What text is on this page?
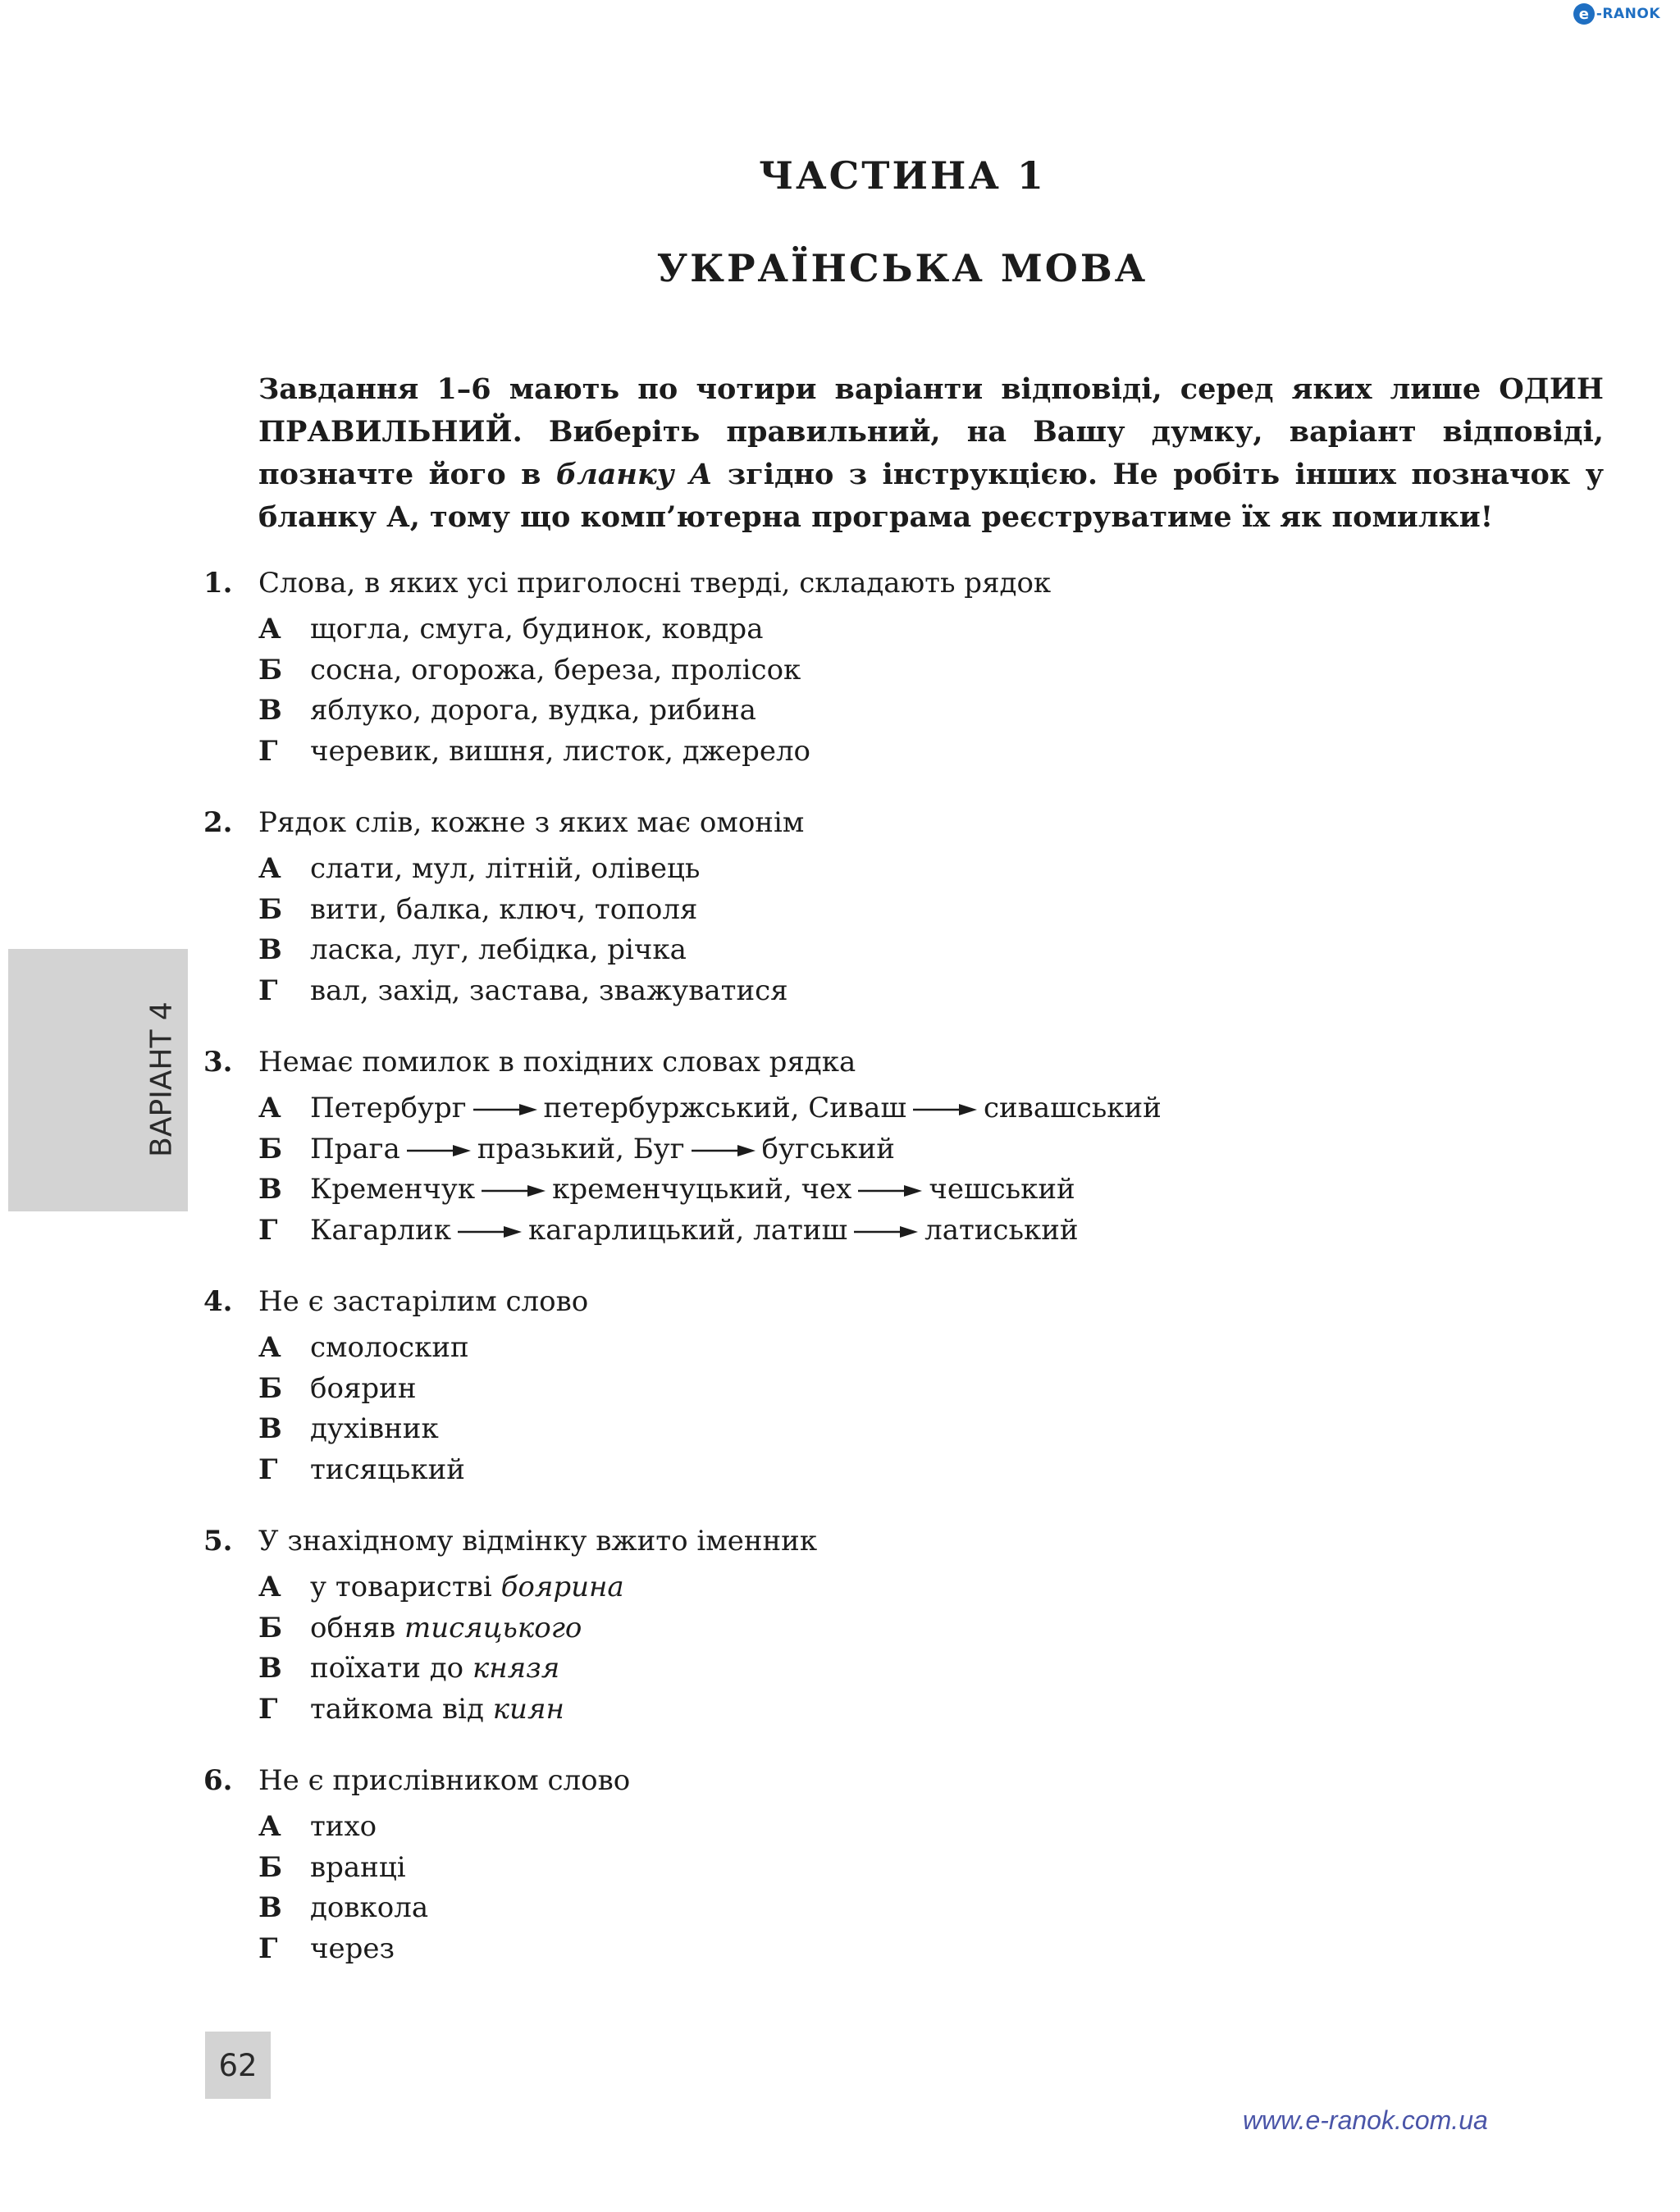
e -RANOK
ЧАСТИНА 1
УКРАЇНСЬКА МОВА

Завдання 1–6 мають по чотири варіанти відповіді, серед яких лише ОДИН ПРАВИЛЬНИЙ. Виберіть правильний, на Вашу думку, варіант відповіді, позначте його в бланку А згідно з інструкцією. Не робіть інших позначок у бланку А, тому що комп’ютерна програма реєструватиме їх як помилки!

1. Слова, в яких усі приголосні тверді, складають рядок
А	щогла, смуга, будинок, ковдра
Б сосна, огорожа, береза, пролісок
В	яблуко, дорога, вудка, рибина
Г	черевик, вишня, листок, джерело
2. Рядок слів, кожне з яких має омонім
А	слати, мул, літній, олівець
Б вити, балка, ключ, тополя
В	ласка, луг, лебідка, річка
Г	вал, захід, застава, зважуватися
3. Немає помилок в похідних словах рядка
А	Петербург	петербуржський, Сиваш	сивашський
Б Прага	празький, Буг	бугський
В	Кременчук	кременчуцький, чех	чешський
Г	Кагарлик	кагарлицький, латиш	латиський
4. Не є застарілим слово
А	смолоскип
Б боярин
В	духівник
Г	тисяцький
5. У знахідному відмінку вжито іменник
А	у товаристві боярина
Б обняв тисяцького
В	поїхати до князя
Г	тайкома від киян
6. Не є прислівником слово
А	тихо
Б вранці
В	довкола
Г	через
ВАРІАНТ 4
62
www.e-ranok.com.ua
